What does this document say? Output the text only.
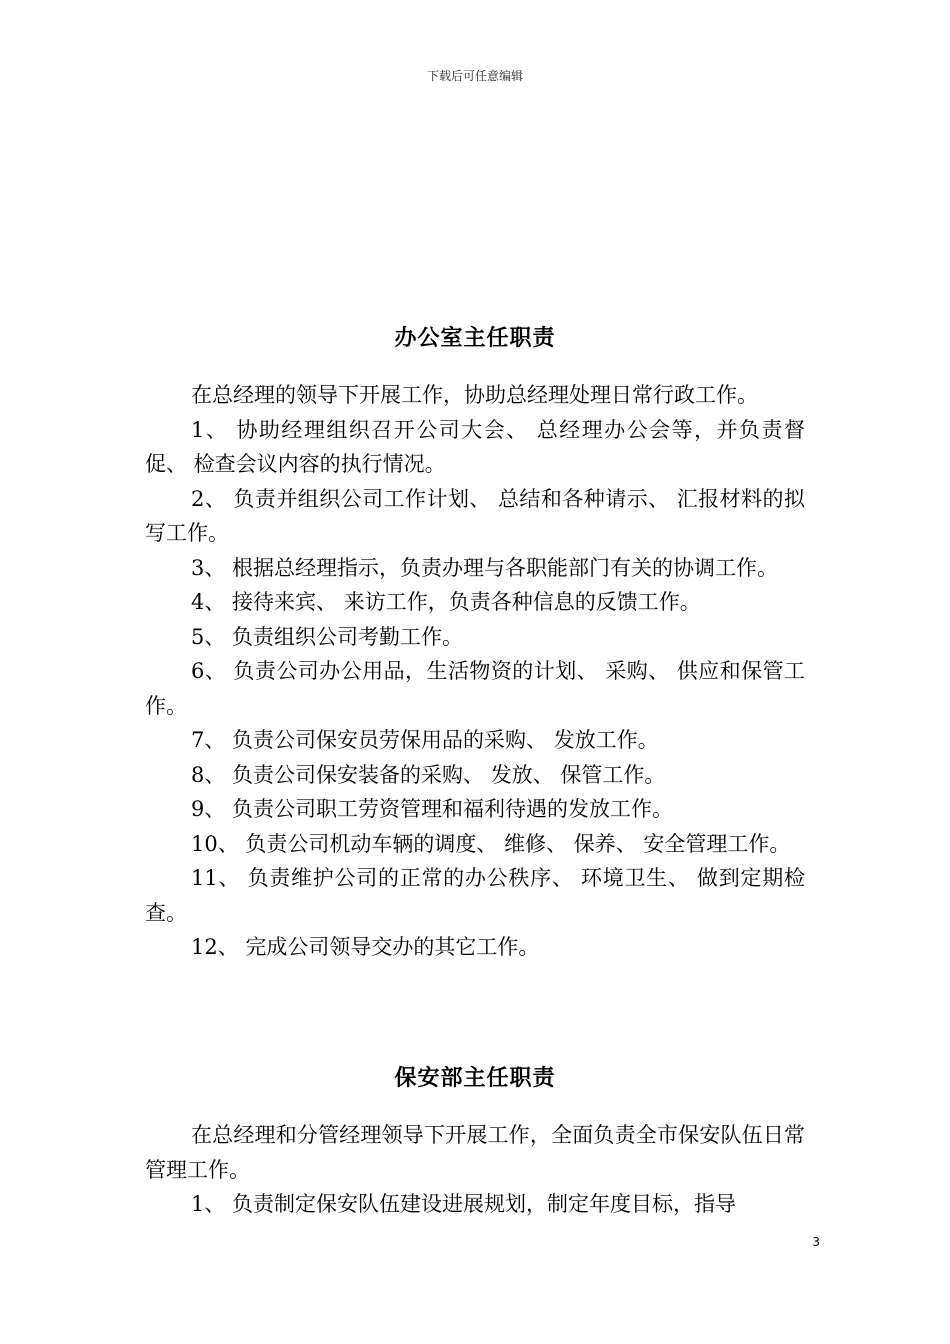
下载后可任意编辑
办公室主任职责

在总经理的领导下开展工作，协助总经理处理日常行政工作。

1、 协助经理组织召开公司大会、 总经理办公会等，并负责督促、 检查会议内容的执行情况。

2、 负责并组织公司工作计划、 总结和各种请示、 汇报材料的拟写工作。

3、 根据总经理指示，负责办理与各职能部门有关的协调工作。

4、 接待来宾、 来访工作，负责各种信息的反馈工作。

5、 负责组织公司考勤工作。

6、 负责公司办公用品，生活物资的计划、 采购、 供应和保管工作。

7、 负责公司保安员劳保用品的采购、 发放工作。

8、 负责公司保安装备的采购、 发放、 保管工作。

9、 负责公司职工劳资管理和福利待遇的发放工作。

10、 负责公司机动车辆的调度、 维修、 保养、 安全管理工作。

11、 负责维护公司的正常的办公秩序、 环境卫生、 做到定期检查。

12、 完成公司领导交办的其它工作。

保安部主任职责

在总经理和分管经理领导下开展工作，全面负责全市保安队伍日常管理工作。

1、 负责制定保安队伍建设进展规划，制定年度目标，指导

3
